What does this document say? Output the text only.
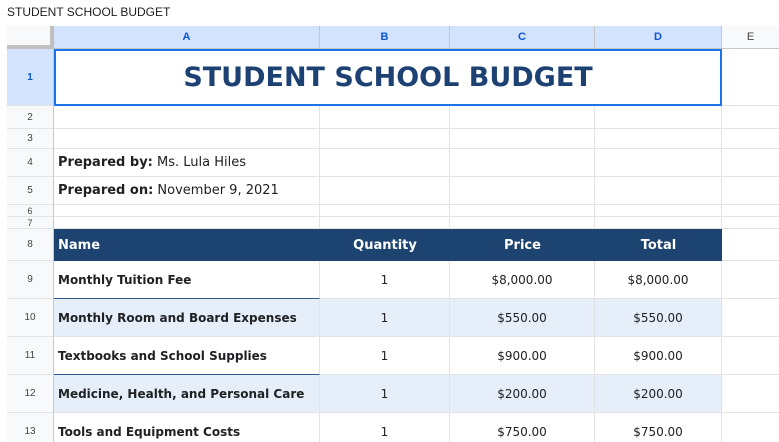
STUDENT SCHOOL BUDGET
A	B	C	D	E
1	STUDENT SCHOOL BUDGET
2
3
4	Prepared by: Ms. Lula Hiles
5	Prepared on: November 9, 2021
6
7
8	Name	Quantity	Price	Total
9	Monthly Tuition Fee	1	$8,000.00	$8,000.00
10	Monthly Room and Board Expenses	1	$550.00	$550.00
11	Textbooks and School Supplies	1	$900.00	$900.00
12	Medicine, Health, and Personal Care	1	$200.00	$200.00
13	Tools and Equipment Costs	1	$750.00	$750.00
